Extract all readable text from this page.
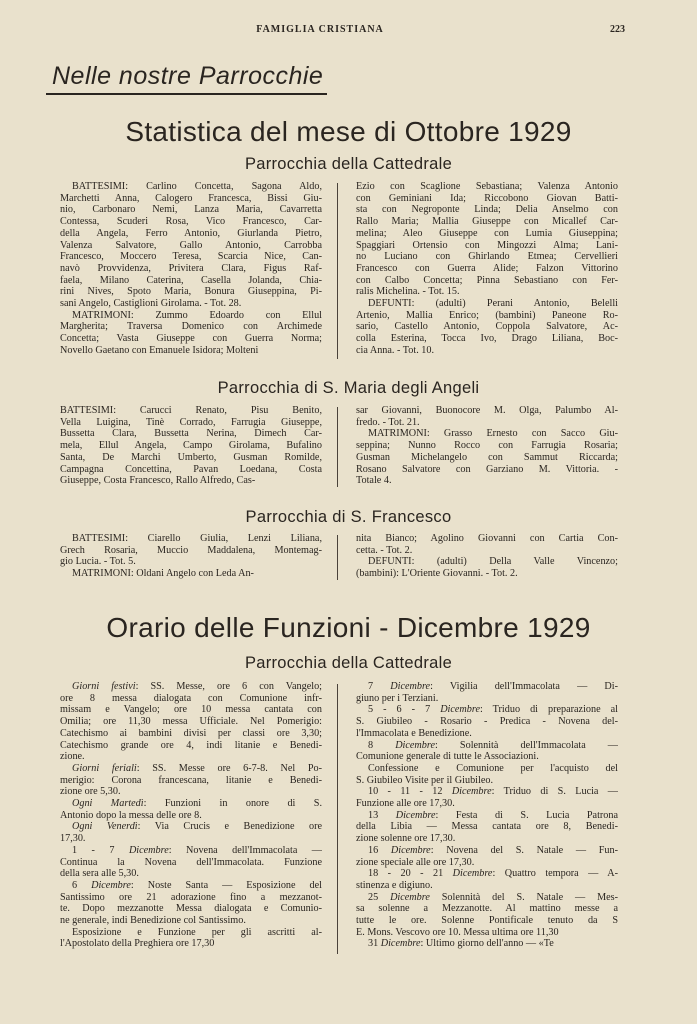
FAMIGLIA CRISTIANA	223
Nelle nostre Parrocchie
Statistica del mese di Ottobre 1929
Parrocchia della Cattedrale
BATTESIMI: Carlino Concetta, Sagona Aldo,
Marchetti Anna, Calogero Francesca, Bissi Giu-
nio, Carbonaro Nemi, Lanza Maria, Cavarretta
Contessa, Scuderi Rosa, Vico Francesco, Car-
della Angela, Ferro Antonio, Giurlanda Pietro,
Valenza Salvatore, Gallo Antonio, Carrobba
Francesco, Moccero Teresa, Scarcia Nice, Can-
navò Provvidenza, Privitera Clara, Figus Raf-
faela, Milano Caterina, Casella Jolanda, Chia-
rini Nives, Spoto Maria, Bonura Giuseppina, Pi-
sani Angelo, Castiglioni Girolama. - Tot. 28.
MATRIMONI: Zummo Edoardo con Ellul
Margherita; Traversa Domenico con Archimede
Concetta; Vasta Giuseppe con Guerra Norma;
Novello Gaetano con Emanuele Isidora; Molteni
Ezio con Scaglione Sebastiana; Valenza Antonio
con Geminiani Ida; Riccobono Giovan Batti-
sta con Negroponte Linda; Delia Anselmo con
Rallo Maria; Mallia Giuseppe con Micallef Car-
melina; Aleo Giuseppe con Lumia Giuseppina;
Spaggiari Ortensio con Mingozzi Alma; Lani-
no Luciano con Ghirlando Etmea; Cervellieri
Francesco con Guerra Alide; Falzon Vittorino
con Calbo Concetta; Pinna Sebastiano con Fer-
ralis Michelina. - Tot. 15.
DEFUNTI: (adulti) Perani Antonio, Belelli
Artenio, Mallia Enrico; (bambini) Paneone Ro-
sario, Castello Antonio, Coppola Salvatore, Ac-
colla Esterina, Tocca Ivo, Drago Liliana, Boc-
cia Anna. - Tot. 10.
Parrocchia di S. Maria degli Angeli
BATTESIMI: Carucci Renato, Pisu Benito,
Vella Luigina, Tinè Corrado, Farrugia Giuseppe,
Bussetta Clara, Bussetta Nerina, Dimech Car-
mela, Ellul Angela, Campo Girolama, Bufalino
Santa, De Marchi Umberto, Gusman Romilde,
Campagna Concettina, Pavan Loedana, Costa
Giuseppe, Costa Francesco, Rallo Alfredo, Cas-
sar Giovanni, Buonocore M. Olga, Palumbo Al-
fredo. - Tot. 21.
MATRIMONI: Grasso Ernesto con Sacco Giu-
seppina; Nunno Rocco con Farrugia Rosaria;
Gusman Michelangelo con Sammut Riccarda;
Rosano Salvatore con Garziano M. Vittoria. -
Totale 4.
Parrocchia di S. Francesco
BATTESIMI: Ciarello Giulia, Lenzi Liliana,
Grech Rosaria, Muccio Maddalena, Montemag-
gio Lucia. - Tot. 5.
MATRIMONI: Oldani Angelo con Leda An-
nita Bianco; Agolino Giovanni con Cartia Con-
cetta. - Tot. 2.
DEFUNTI: (adulti) Della Valle Vincenzo;
(bambini): L'Oriente Giovanni. - Tot. 2.
Orario delle Funzioni - Dicembre 1929
Parrocchia della Cattedrale
Giorni festivi: SS. Messe, ore 6 con Vangelo;
ore 8 messa dialogata con Comunione infr-
missam e Vangelo; ore 10 messa cantata con
Omilia; ore 11,30 messa Ufficiale. Nel Pomerigio:
Catechismo ai bambini divisi per classi ore 3,30;
Catechismo grande ore 4, indi litanie e Benedi-
zione.
Giorni feriali: SS. Messe ore 6-7-8. Nel Po-
merigio: Corona francescana, litanie e Benedi-
zione ore 5,30.
Ogni Martedì: Funzioni in onore di S.
Antonio dopo la messa delle ore 8.
Ogni Venerdì: Via Crucis e Benedizione ore
17,30.
1 - 7 Dicembre: Novena dell'Immacolata —
Continua la Novena dell'Immacolata. Funzione
della sera alle 5,30.
6 Dicembre: Noste Santa — Esposizione del
Santissimo ore 21 adorazione fino a mezzanot-
te. Dopo mezzanotte Messa dialogata e Comunio-
ne generale, indi Benedizione col Santissimo.
Esposizione e Funzione per gli ascritti al-
l'Apostolato della Preghiera ore 17,30
7 Dicembre: Vigilia dell'Immacolata — Di-
giuno per i Terziani.
5 - 6 - 7 Dicembre: Triduo di preparazione al
S. Giubileo - Rosario - Predica - Novena del-
l'Immacolata e Benedizione.
8 Dicembre: Solennità dell'Immacolata —
Comunione generale di tutte le Associazioni.
Confessione e Comunione per l'acquisto del
S. Giubileo Visite per il Giubileo.
10 - 11 - 12 Dicembre: Triduo di S. Lucia —
Funzione alle ore 17,30.
13 Dicembre: Festa di S. Lucia Patrona
della Libia — Messa cantata ore 8, Benedi-
zione solenne ore 17,30.
16 Dicembre: Novena del S. Natale — Fun-
zione speciale alle ore 17,30.
18 - 20 - 21 Dicembre: Quattro tempora — A-
stinenza e digiuno.
25 Dicembre Solennità del S. Natale — Mes-
sa solenne a Mezzanotte. Al mattino messe a
tutte le ore. Solenne Pontificale tenuto da S
E. Mons. Vescovo ore 10. Messa ultima ore 11,30
31 Dicembre: Ultimo giorno dell'anno — «Te
